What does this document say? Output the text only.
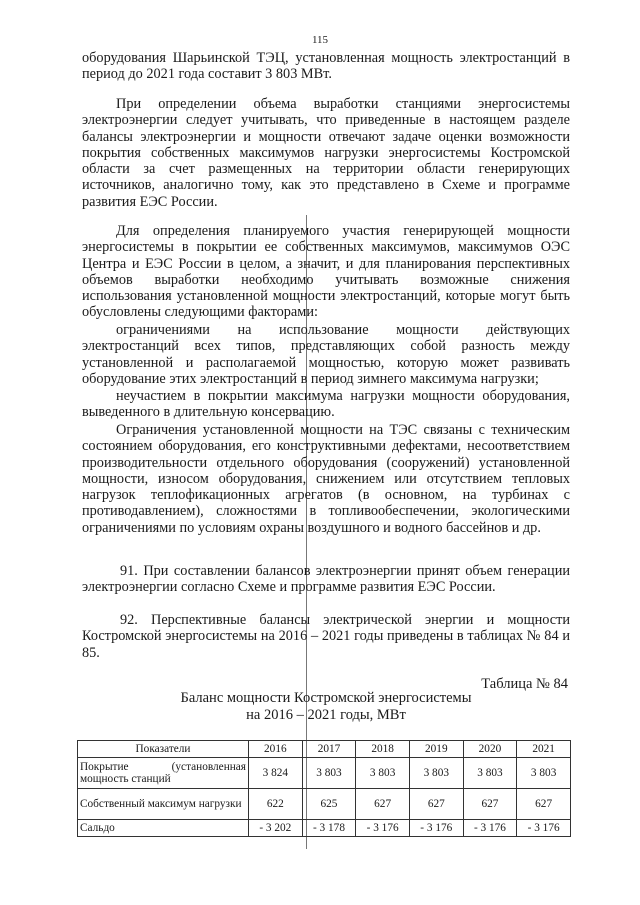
115

оборудования Шарьинской ТЭЦ, установленная мощность электростанций в период до 2021 года составит 3 803 МВт.

При определении объема выработки станциями энергосистемы электроэнергии следует учитывать, что приведенные в настоящем разделе балансы электроэнергии и мощности отвечают задаче оценки возможности покрытия собственных максимумов нагрузки энергосистемы Костромской области за счет размещенных на территории области генерирующих источников, аналогично тому, как это представлено в Схеме и программе развития ЕЭС России.

Для определения планируемого участия генерирующей мощности энергосистемы в покрытии ее собственных максимумов, максимумов ОЭС Центра и ЕЭС России в целом, а значит, и для планирования перспективных объемов выработки необходимо учитывать возможные снижения использования установленной мощности электростанций, которые могут быть обусловлены следующими факторами:

ограничениями на использование мощности действующих электростанций всех типов, представляющих собой разность между установленной и располагаемой мощностью, которую может развивать оборудование этих электростанций в период зимнего максимума нагрузки;

неучастием в покрытии максимума нагрузки мощности оборудования, выведенного в длительную консервацию.

Ограничения установленной мощности на ТЭС связаны с техническим состоянием оборудования, его конструктивными дефектами, несоответствием производительности отдельного оборудования (сооружений) установленной мощности, износом оборудования, снижением или отсутствием тепловых нагрузок теплофикационных агрегатов (в основном, на турбинах с противодавлением), сложностями в топливообеспечении, экологическими ограничениями по условиям охраны воздушного и водного бассейнов и др.

91. При составлении балансов электроэнергии принят объем генерации электроэнергии согласно Схеме и программе развития ЕЭС России.

92. Перспективные балансы электрической энергии и мощности Костромской энергосистемы на 2016 – 2021 годы приведены в таблицах № 84 и 85.

Таблица № 84
Баланс мощности Костромской энергосистемы
на 2016 – 2021 годы, МВт
Показатели	2016	2017	2018	2019	2020	2021
Покрытие (установленная мощность станций	3 824	3 803	3 803	3 803	3 803	3 803
Собственный максимум нагрузки	622	625	627	627	627	627
Сальдо	- 3 202	- 3 178	- 3 176	- 3 176	- 3 176	- 3 176
